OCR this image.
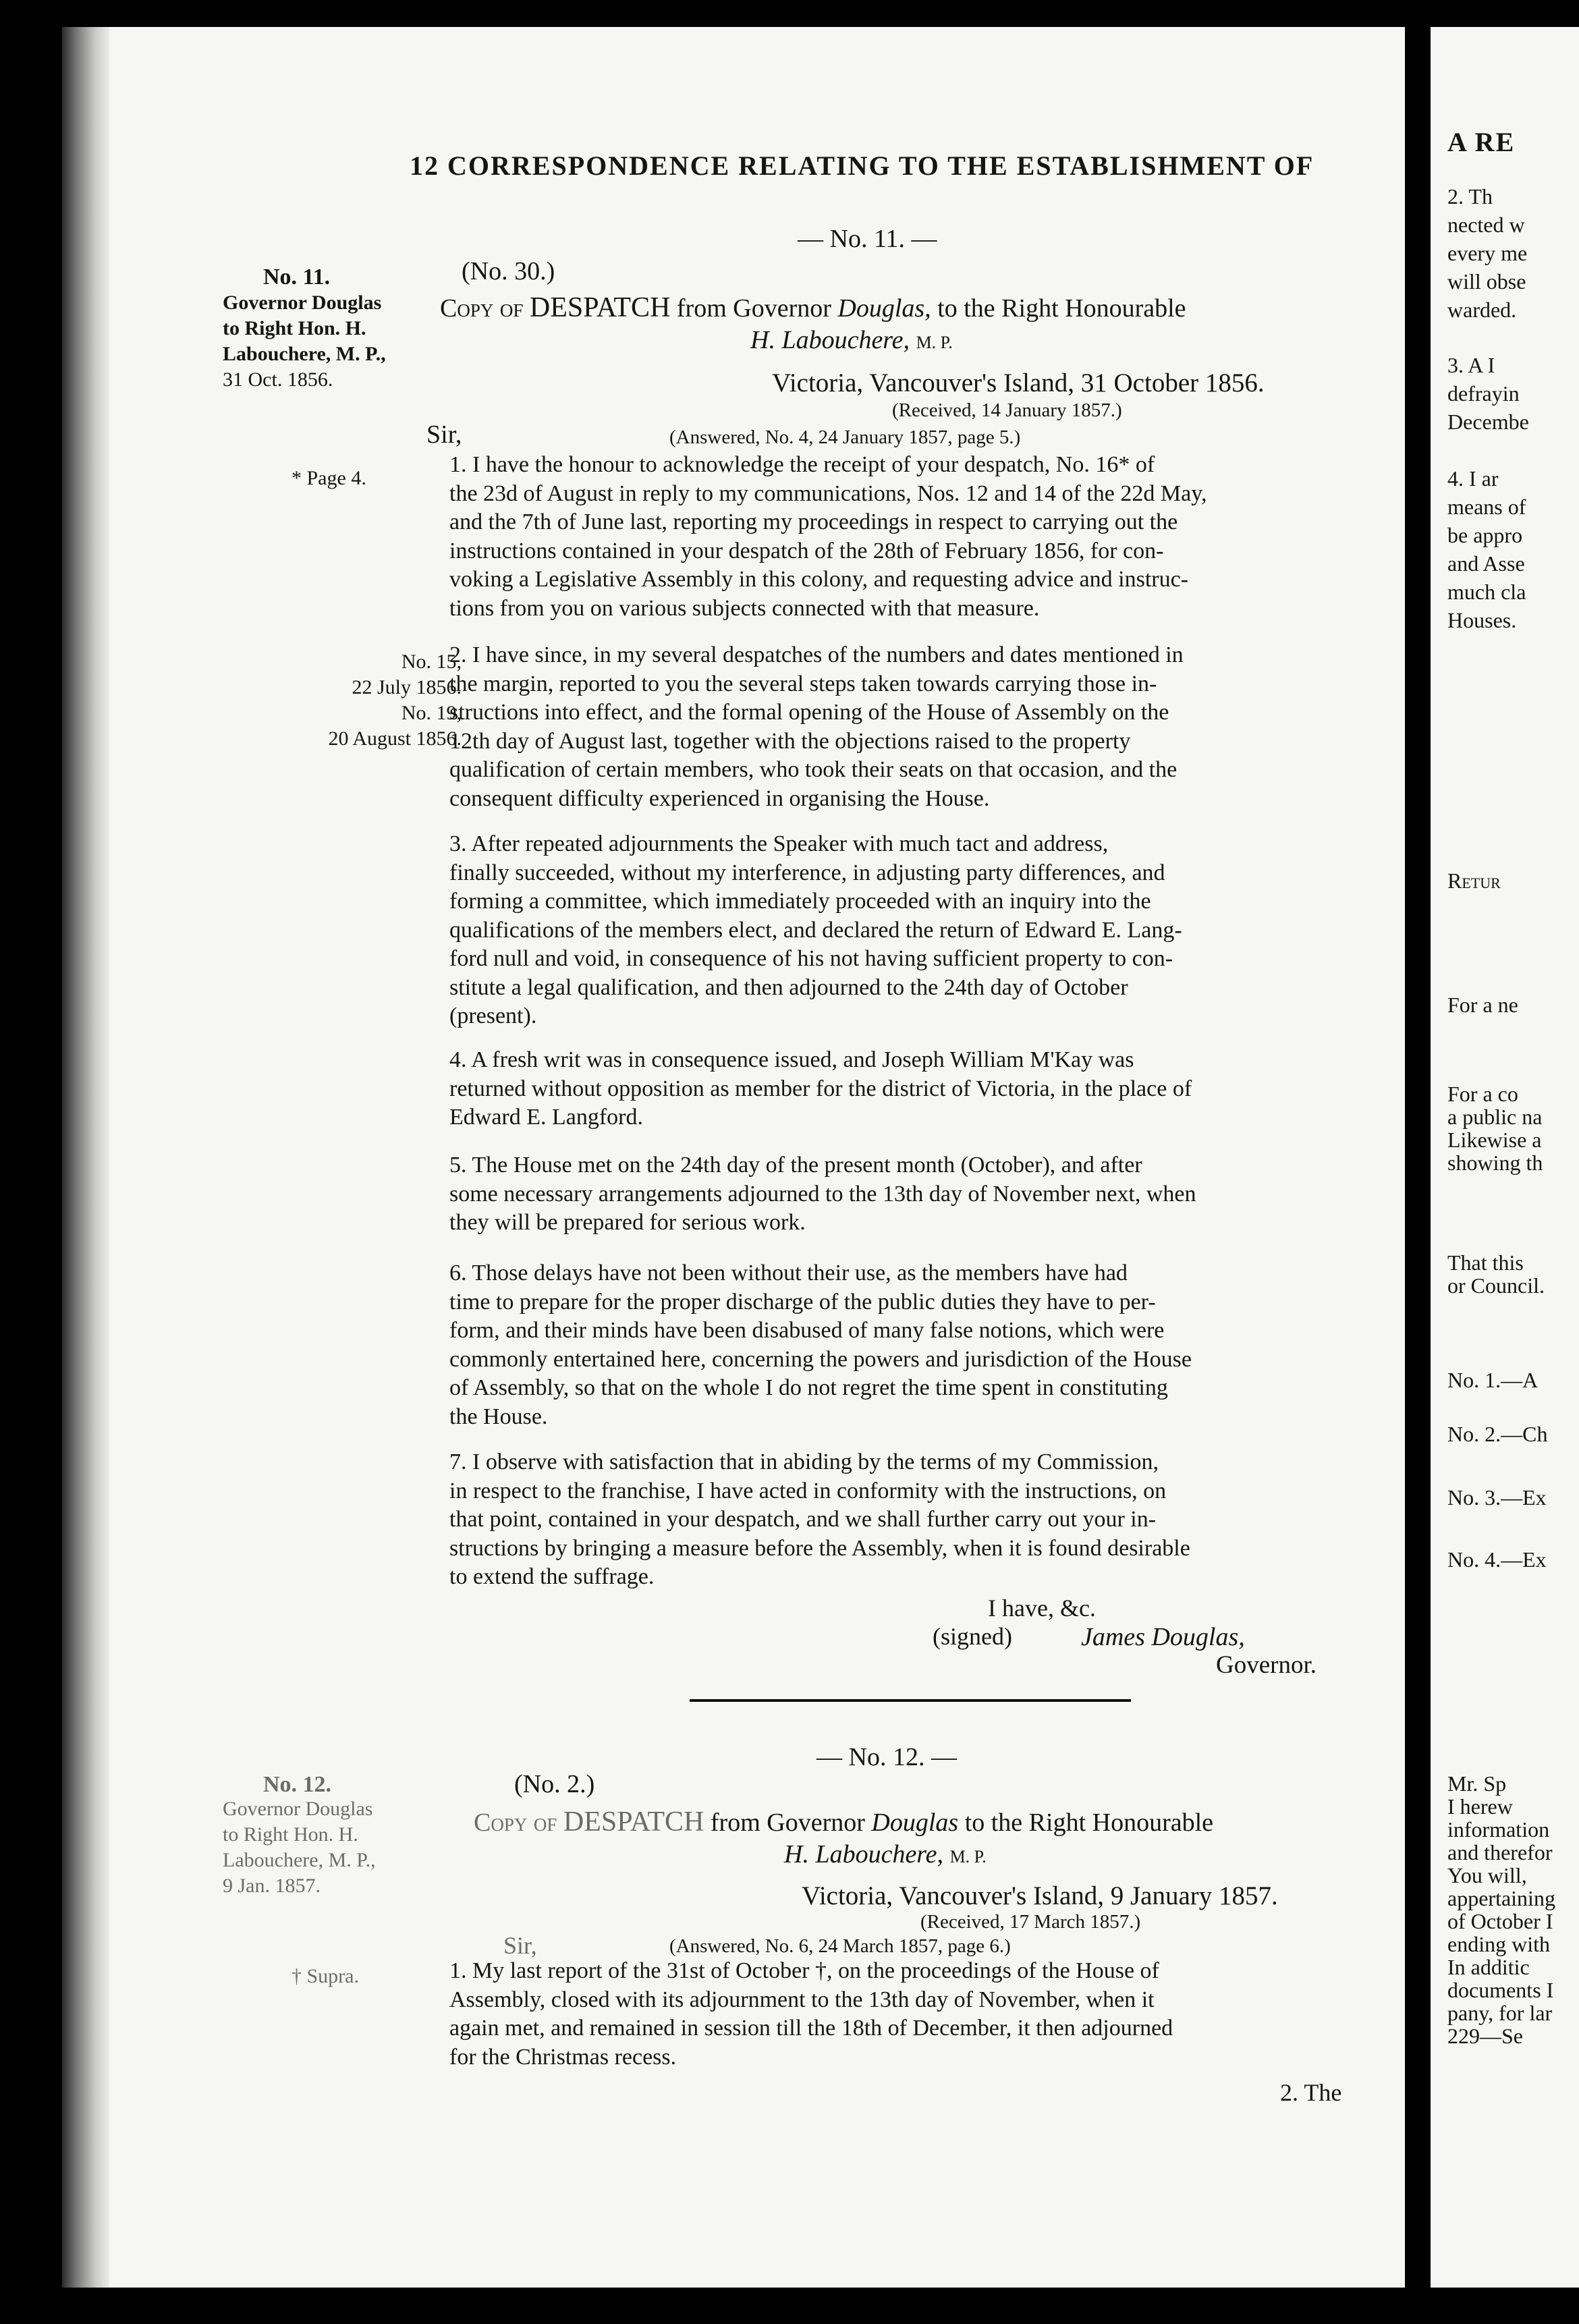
12 CORRESPONDENCE RELATING TO THE ESTABLISHMENT OF
— No. 11. —
(No. 30.)
No. 11.
Governor Douglas
to Right Hon. H.
Labouchere, M. P.,
31 Oct. 1856.
Copy of DESPATCH from Governor Douglas, to the Right Honourable
H. Labouchere, M. P.
Victoria, Vancouver's Island, 31 October 1856.
(Received, 14 January 1857.)
Sir,	(Answered, No. 4, 24 January 1857, page 5.)
* Page 4.
1. I have the honour to acknowledge the receipt of your despatch, No. 16* of
the 23d of August in reply to my communications, Nos. 12 and 14 of the 22d May,
and the 7th of June last, reporting my proceedings in respect to carrying out the
instructions contained in your despatch of the 28th of February 1856, for con-
voking a Legislative Assembly in this colony, and requesting advice and instruc-
tions from you on various subjects connected with that measure.
No. 15,
22 July 1856.
No. 19,
20 August 1856.
2. I have since, in my several despatches of the numbers and dates mentioned in
the margin, reported to you the several steps taken towards carrying those in-
structions into effect, and the formal opening of the House of Assembly on the
12th day of August last, together with the objections raised to the property
qualification of certain members, who took their seats on that occasion, and the
consequent difficulty experienced in organising the House.
3. After repeated adjournments the Speaker with much tact and address,
finally succeeded, without my interference, in adjusting party differences, and
forming a committee, which immediately proceeded with an inquiry into the
qualifications of the members elect, and declared the return of Edward E. Lang-
ford null and void, in consequence of his not having sufficient property to con-
stitute a legal qualification, and then adjourned to the 24th day of October
(present).
4. A fresh writ was in consequence issued, and Joseph William M'Kay was
returned without opposition as member for the district of Victoria, in the place of
Edward E. Langford.
5. The House met on the 24th day of the present month (October), and after
some necessary arrangements adjourned to the 13th day of November next, when
they will be prepared for serious work.
6. Those delays have not been without their use, as the members have had
time to prepare for the proper discharge of the public duties they have to per-
form, and their minds have been disabused of many false notions, which were
commonly entertained here, concerning the powers and jurisdiction of the House
of Assembly, so that on the whole I do not regret the time spent in constituting
the House.
7. I observe with satisfaction that in abiding by the terms of my Commission,
in respect to the franchise, I have acted in conformity with the instructions, on
that point, contained in your despatch, and we shall further carry out your in-
structions by bringing a measure before the Assembly, when it is found desirable
to extend the suffrage.
I have, &c.
(signed)	James Douglas,
Governor.
— No. 12. —
(No. 2.)
No. 12.
Governor Douglas
to Right Hon. H.
Labouchere, M. P.,
9 Jan. 1857.
Copy of DESPATCH from Governor Douglas to the Right Honourable
H. Labouchere, M. P.
Victoria, Vancouver's Island, 9 January 1857.
(Received, 17 March 1857.)
Sir,	(Answered, No. 6, 24 March 1857, page 6.)
† Supra.	1. My last report of the 31st of October †, on the proceedings of the House of
Assembly, closed with its adjournment to the 13th day of November, when it
again met, and remained in session till the 18th of December, it then adjourned
for the Christmas recess.
2. The
A RE
2. Th
nected w
every me
will obse
warded.
3. A I
defrayin
Decembe
4. I ar
means of
be appro
and Asse
much cla
Houses.
Retur
For a ne
For a co
a public na
Likewise a
showing th
That this
or Council.
No. 1.—A
No. 2.—Ch
No. 3.—Ex
No. 4.—Ex
Mr. Sp
I herew
information
and therefor
You will,
appertaining
of October I
ending with
In additic
documents I
pany, for lar
229—Se
